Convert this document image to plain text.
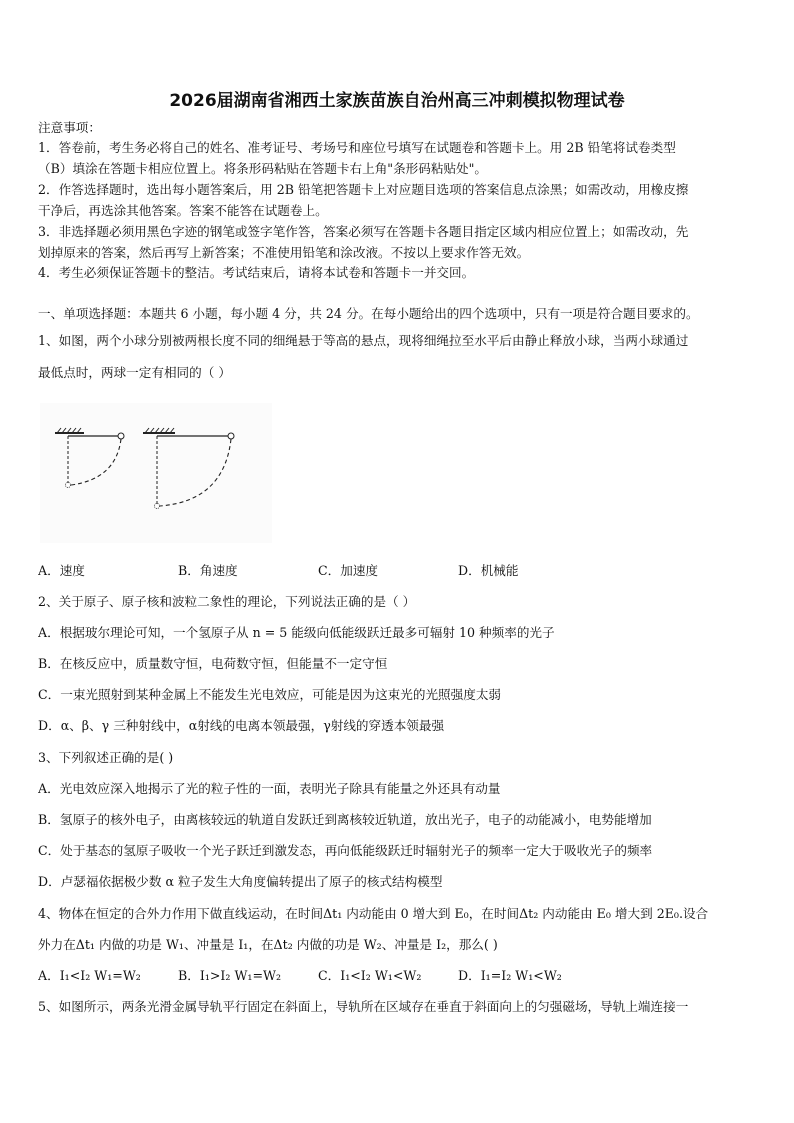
2026届湖南省湘西土家族苗族自治州高三冲刺模拟物理试卷
注意事项：
1．答卷前，考生务必将自己的姓名、准考证号、考场号和座位号填写在试题卷和答题卡上。用 2B 铅笔将试卷类型
（B）填涂在答题卡相应位置上。将条形码粘贴在答题卡右上角"条形码粘贴处"。
2．作答选择题时，选出每小题答案后，用 2B 铅笔把答题卡上对应题目选项的答案信息点涂黑；如需改动，用橡皮擦
干净后，再选涂其他答案。答案不能答在试题卷上。
3．非选择题必须用黑色字迹的钢笔或签字笔作答，答案必须写在答题卡各题目指定区域内相应位置上；如需改动，先
划掉原来的答案，然后再写上新答案；不准使用铅笔和涂改液。不按以上要求作答无效。
4．考生必须保证答题卡的整洁。考试结束后，请将本试卷和答题卡一并交回。
一、单项选择题：本题共 6 小题，每小题 4 分，共 24 分。在每小题给出的四个选项中，只有一项是符合题目要求的。
1、如图，两个小球分别被两根长度不同的细绳悬于等高的悬点，现将细绳拉至水平后由静止释放小球，当两小球通过
最低点时，两球一定有相同的（ ）
A．速度	B．角速度	C．加速度	D．机械能
2、关于原子、原子核和波粒二象性的理论，下列说法正确的是（ ）
A．根据玻尔理论可知，一个氢原子从 n = 5 能级向低能级跃迁最多可辐射 10 种频率的光子
B．在核反应中，质量数守恒，电荷数守恒，但能量不一定守恒
C．一束光照射到某种金属上不能发生光电效应，可能是因为这束光的光照强度太弱
D．α、β、γ 三种射线中，α射线的电离本领最强，γ射线的穿透本领最强
3、下列叙述正确的是( )
A．光电效应深入地揭示了光的粒子性的一面，表明光子除具有能量之外还具有动量
B．氢原子的核外电子，由离核较远的轨道自发跃迁到离核较近轨道，放出光子，电子的动能减小，电势能增加
C．处于基态的氢原子吸收一个光子跃迁到激发态，再向低能级跃迁时辐射光子的频率一定大于吸收光子的频率
D．卢瑟福依据极少数 α 粒子发生大角度偏转提出了原子的核式结构模型
4、物体在恒定的合外力作用下做直线运动，在时间Δt₁ 内动能由 0 增大到 E₀，在时间Δt₂ 内动能由 E₀ 增大到 2E₀.设合
外力在Δt₁ 内做的功是 W₁、冲量是 I₁，在Δt₂ 内做的功是 W₂、冲量是 I₂，那么( )
A．I₁<I₂ W₁=W₂	B．I₁>I₂ W₁=W₂	C．I₁<I₂ W₁<W₂	D．I₁=I₂ W₁<W₂
5、如图所示，两条光滑金属导轨平行固定在斜面上，导轨所在区域存在垂直于斜面向上的匀强磁场，导轨上端连接一
